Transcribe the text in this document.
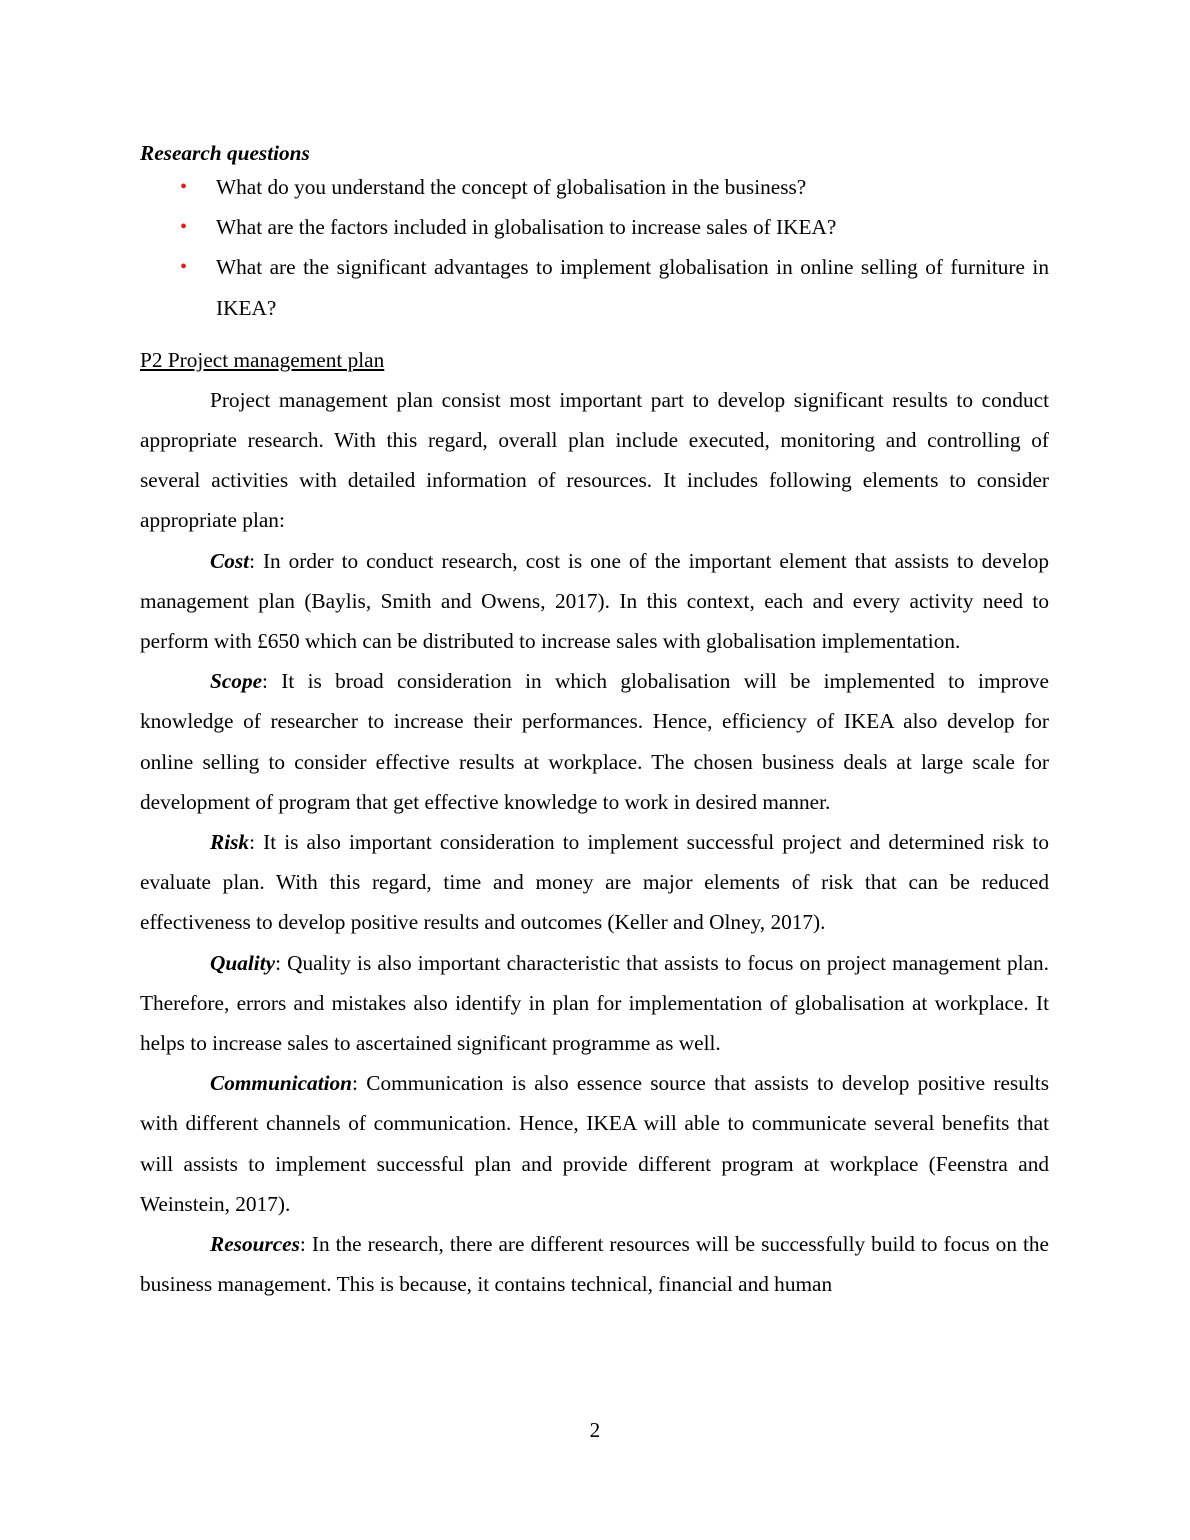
Research questions

• What do you understand the concept of globalisation in the business?
• What are the factors included in globalisation to increase sales of IKEA?
• What are the significant advantages to implement globalisation in online selling of furniture in IKEA?

P2 Project management plan

Project management plan consist most important part to develop significant results to conduct appropriate research. With this regard, overall plan include executed, monitoring and controlling of several activities with detailed information of resources. It includes following elements to consider appropriate plan:

Cost: In order to conduct research, cost is one of the important element that assists to develop management plan (Baylis, Smith and Owens, 2017). In this context, each and every activity need to perform with £650 which can be distributed to increase sales with globalisation implementation.

Scope: It is broad consideration in which globalisation will be implemented to improve knowledge of researcher to increase their performances. Hence, efficiency of IKEA also develop for online selling to consider effective results at workplace. The chosen business deals at large scale for development of program that get effective knowledge to work in desired manner.

Risk: It is also important consideration to implement successful project and determined risk to evaluate plan. With this regard, time and money are major elements of risk that can be reduced effectiveness to develop positive results and outcomes (Keller and Olney, 2017).

Quality: Quality is also important characteristic that assists to focus on project management plan. Therefore, errors and mistakes also identify in plan for implementation of globalisation at workplace. It helps to increase sales to ascertained significant programme as well.

Communication: Communication is also essence source that assists to develop positive results with different channels of communication. Hence, IKEA will able to communicate several benefits that will assists to implement successful plan and provide different program at workplace (Feenstra and Weinstein, 2017).

Resources: In the research, there are different resources will be successfully build to focus on the business management. This is because, it contains technical, financial and human

2
